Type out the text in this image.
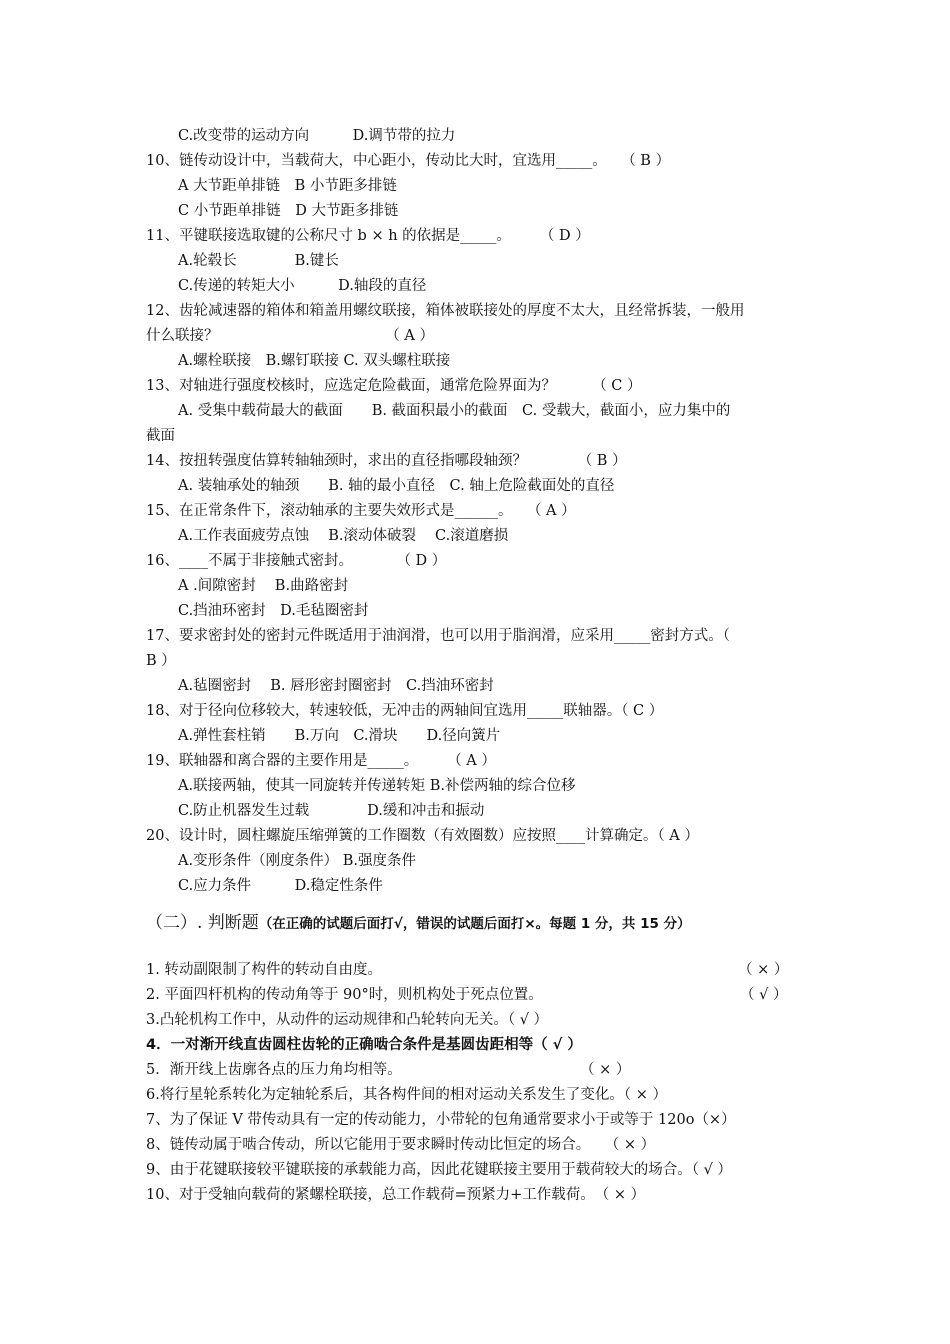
C.改变带的运动方向　　　D.调节带的拉力
10、链传动设计中，当载荷大，中心距小，传动比大时，宜选用_____。　　（ B ）
A 大节距单排链　B 小节距多排链
C 小节距单排链　D 大节距多排链
11、平键联接选取键的公称尺寸 b × h 的依据是_____。　　　（ D ）
A.轮毂长　　　　B.键长
C.传递的转矩大小　　　D.轴段的直径
12、齿轮减速器的箱体和箱盖用螺纹联接，箱体被联接处的厚度不太大，且经常拆装，一般用
什么联接？　　　　　　　　　　　　（ A ）
A.螺栓联接　B.螺钉联接 C. 双头螺柱联接
13、对轴进行强度校核时，应选定危险截面，通常危险界面为？　　　（ C ）
A. 受集中载荷最大的截面　　B. 截面积最小的截面　C. 受载大，截面小，应力集中的
截面
14、按扭转强度估算转轴轴颈时，求出的直径指哪段轴颈？　　　　（ B ）
A. 装轴承处的轴颈　　B. 轴的最小直径　C. 轴上危险截面处的直径
15、在正常条件下，滚动轴承的主要失效形式是______。　　（ A ）
A.工作表面疲劳点蚀　 B.滚动体破裂　 C.滚道磨损
16、____不属于非接触式密封。　　　　（ D ）
A .间隙密封　 B.曲路密封
C.挡油环密封　D.毛毡圈密封
17、要求密封处的密封元件既适用于油润滑，也可以用于脂润滑，应采用_____密封方式。（
B ）
A.毡圈密封　 B. 唇形密封圈密封　C.挡油环密封
18、对于径向位移较大，转速较低，无冲击的两轴间宜选用_____联轴器。（ C ）
A.弹性套柱销　　B.万向　C.滑块　　D.径向簧片
19、联轴器和离合器的主要作用是_____。　　　（ A ）
A.联接两轴，使其一同旋转并传递转矩 B.补偿两轴的综合位移
C.防止机器发生过载　　　　D.缓和冲击和振动
20、设计时，圆柱螺旋压缩弹簧的工作圈数（有效圈数）应按照____计算确定。（ A ）
A.变形条件（刚度条件） B.强度条件
C.应力条件　　　D.稳定性条件
（二）. 判断题（在正确的试题后面打√，错误的试题后面打×。每题 1 分，共 15 分）
1. 转动副限制了构件的转动自由度。	（ × ）
2. 平面四杆机构的传动角等于 90°时，则机构处于死点位置。	（ √ ）
3.凸轮机构工作中，从动件的运动规律和凸轮转向无关。（ √ ）
4．一对渐开线直齿圆柱齿轮的正确啮合条件是基圆齿距相等（ √ ）
5．渐开线上齿廓各点的压力角均相等。	（ × ）
6.将行星轮系转化为定轴轮系后，其各构件间的相对运动关系发生了变化。（ × ）
7、为了保证 V 带传动具有一定的传动能力，小带轮的包角通常要求小于或等于 120o（×）
8、链传动属于啮合传动，所以它能用于要求瞬时传动比恒定的场合。　　（ × ）
9、由于花键联接较平键联接的承载能力高，因此花键联接主要用于载荷较大的场合。（ √ ）
10、对于受轴向载荷的紧螺栓联接，总工作载荷=预紧力+工作载荷。　（ × ）
